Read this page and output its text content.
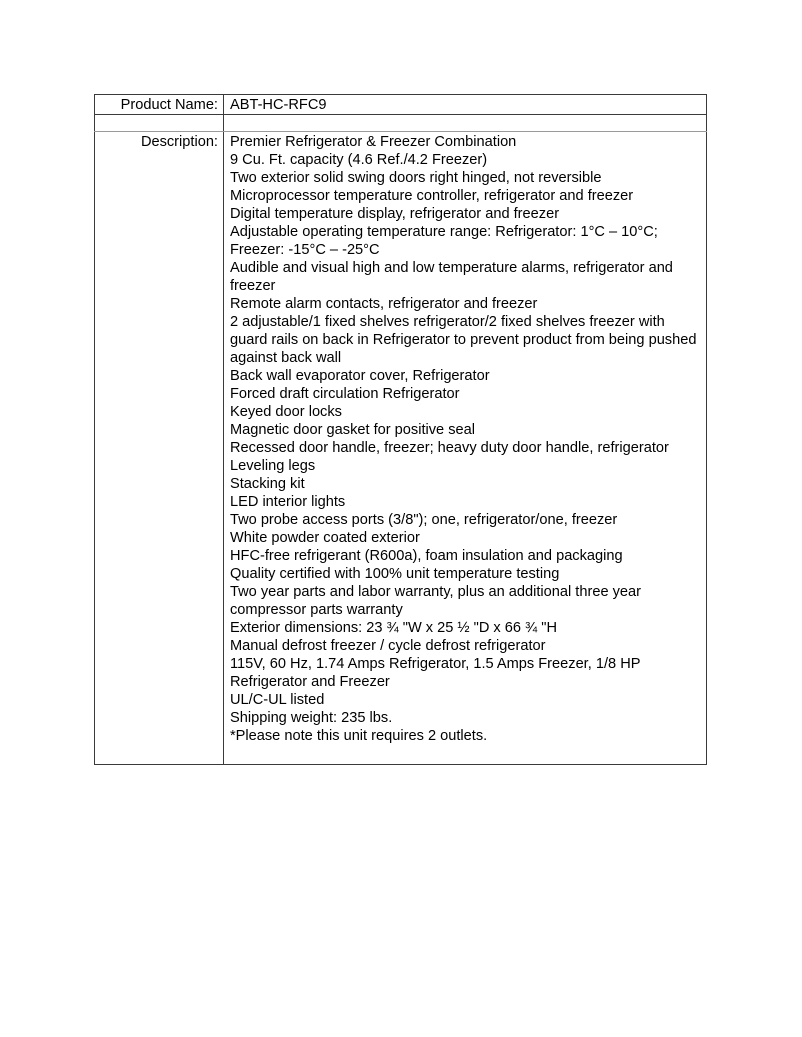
Product Name:	ABT-HC-RFC9

Description:	Premier Refrigerator & Freezer Combination
9 Cu. Ft. capacity (4.6 Ref./4.2 Freezer)
Two exterior solid swing doors right hinged, not reversible
Microprocessor temperature controller, refrigerator and freezer
Digital temperature display, refrigerator and freezer
Adjustable operating temperature range: Refrigerator: 1°C – 10°C; Freezer: -15°C – -25°C
Audible and visual high and low temperature alarms, refrigerator and freezer
Remote alarm contacts, refrigerator and freezer
2 adjustable/1 fixed shelves refrigerator/2 fixed shelves freezer with guard rails on back in Refrigerator to prevent product from being pushed against back wall
Back wall evaporator cover, Refrigerator
Forced draft circulation Refrigerator
Keyed door locks
Magnetic door gasket for positive seal
Recessed door handle, freezer; heavy duty door handle, refrigerator
Leveling legs
Stacking kit
LED interior lights
Two probe access ports (3/8"); one, refrigerator/one, freezer
White powder coated exterior
HFC-free refrigerant (R600a), foam insulation and packaging
Quality certified with 100% unit temperature testing
Two year parts and labor warranty, plus an additional three year compressor parts warranty
Exterior dimensions: 23 ¾ "W x 25 ½ "D x 66 ¾ "H
Manual defrost freezer / cycle defrost refrigerator
115V, 60 Hz, 1.74 Amps Refrigerator, 1.5 Amps Freezer, 1/8 HP Refrigerator and Freezer
UL/C-UL listed
Shipping weight: 235 lbs.
*Please note this unit requires 2 outlets.
